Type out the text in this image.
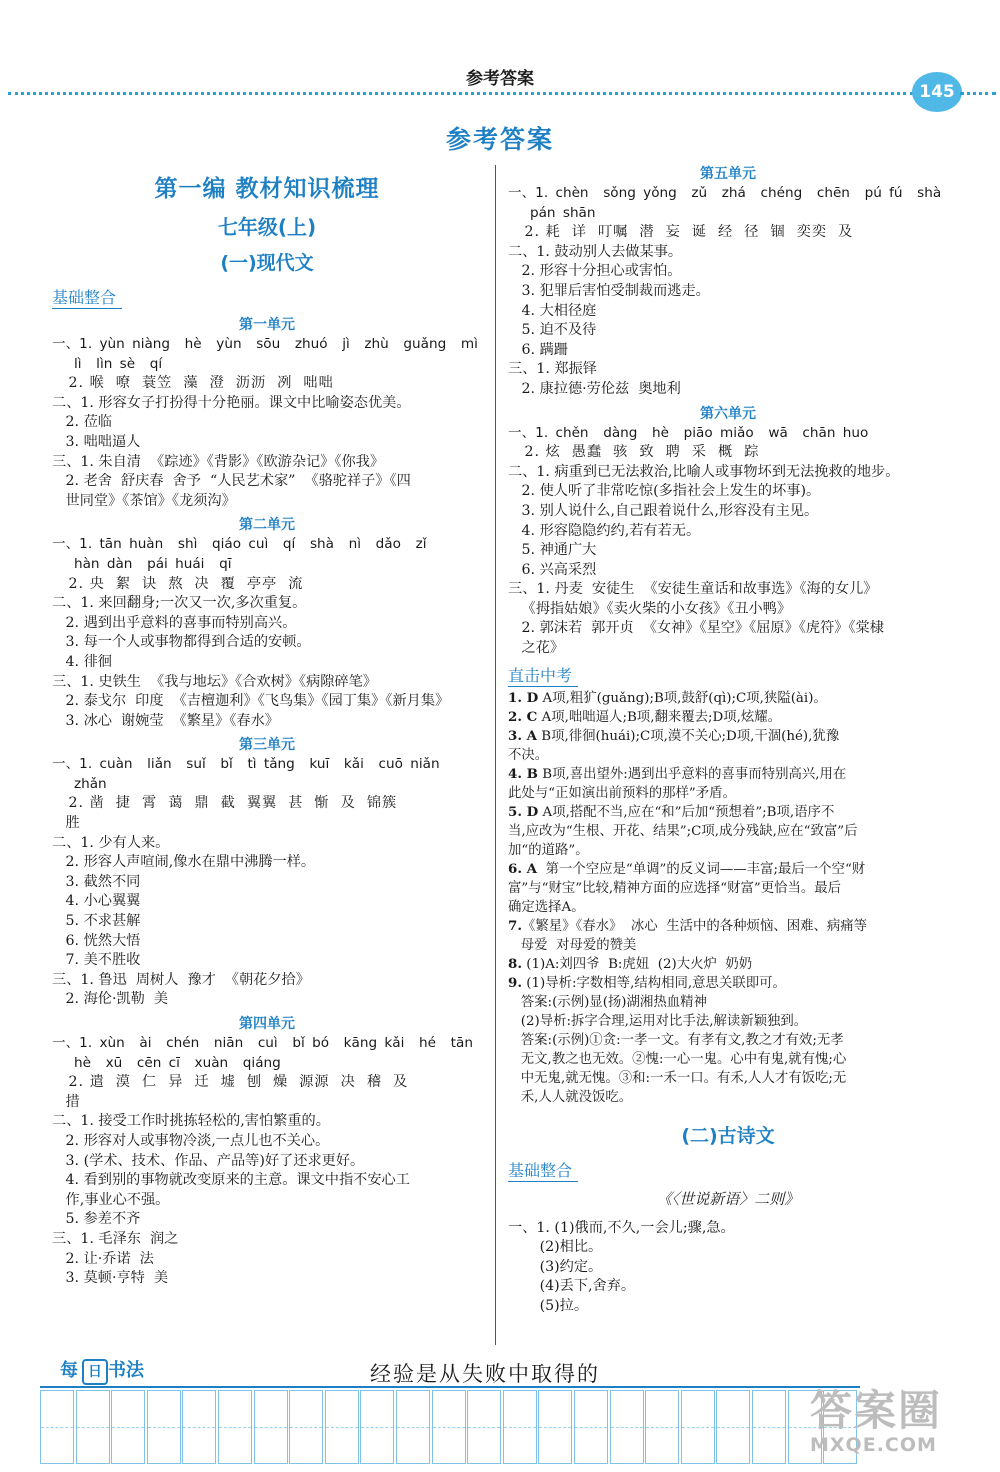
参考答案
145
参考答案
第一编 教材知识梳理
七年级(上)
(一)现代文
基础整合
第一单元
一、1. yùn niàng  hè  yùn  sōu  zhuó  jì  zhù  guǎng  mì
lì  lìn sè  qí
2. 喉  嘹  蓑笠  藻  澄  沥沥  冽  咄咄
二、1. 形容女子打扮得十分艳丽。课文中比喻姿态优美。
2. 莅临
3. 咄咄逼人
三、1. 朱自清  《踪迹》《背影》《欧游杂记》《你我》
2. 老舍  舒庆春  舍予  “人民艺术家”  《骆驼祥子》《四
世同堂》《茶馆》《龙须沟》
第二单元
一、1. tān huàn  shì  qiáo cuì  qí  shà  nì  dǎo  zǐ
hàn dàn  pái huái  qī
2. 央  絮  诀  熬  决  覆  亭亭  流
二、1. 来回翻身;一次又一次,多次重复。
2. 遇到出乎意料的喜事而特别高兴。
3. 每一个人或事物都得到合适的安顿。
4. 徘徊
三、1. 史铁生  《我与地坛》《合欢树》《病隙碎笔》
2. 泰戈尔  印度  《吉檀迦利》《飞鸟集》《园丁集》《新月集》
3. 冰心  谢婉莹  《繁星》《春水》
第三单元
一、1. cuàn  liǎn  suǐ  bǐ  tì tǎng  kuī  kǎi  cuō niǎn
zhǎn
2. 凿  捷  霄  蔼  鼎  截  翼翼  甚  惭  及  锦簇
胜
二、1. 少有人来。
2. 形容人声喧闹,像水在鼎中沸腾一样。
3. 截然不同
4. 小心翼翼
5. 不求甚解
6. 恍然大悟
7. 美不胜收
三、1. 鲁迅  周树人  豫才  《朝花夕拾》
2. 海伦·凯勒  美
第四单元
一、1. xùn  ài  chén  niān  cuì  bǐ bó  kāng kǎi  hé  tān
hè  xū  cēn cī  xuàn  qiáng
2. 遣  漠  仁  异  迁  墟  刨  燥  源源  决  稽  及
措
二、1. 接受工作时挑拣轻松的,害怕繁重的。
2. 形容对人或事物冷淡,一点儿也不关心。
3. (学术、技术、作品、产品等)好了还求更好。
4. 看到别的事物就改变原来的主意。课文中指不安心工
作,事业心不强。
5. 参差不齐
三、1. 毛泽东  润之
2. 让·乔诺  法
3. 莫顿·亨特  美
第五单元
一、1. chèn  sǒng yǒng  zǔ  zhá  chéng  chēn  pú fú  shà
pán shān
2. 耗  详  叮嘱  潜  妄  诞  经  径  锢  奕奕  及
二、1. 鼓动别人去做某事。
2. 形容十分担心或害怕。
3. 犯罪后害怕受制裁而逃走。
4. 大相径庭
5. 迫不及待
6. 蹒跚
三、1. 郑振铎
2. 康拉德·劳伦兹  奥地利
第六单元
一、1. chěn  dàng  hè  piāo miǎo  wā  chān huo
2. 炫  愚蠢  骇  致  聘  采  概  踪
二、1. 病重到已无法救治,比喻人或事物坏到无法挽救的地步。
2. 使人听了非常吃惊(多指社会上发生的坏事)。
3. 别人说什么,自己跟着说什么,形容没有主见。
4. 形容隐隐约约,若有若无。
5. 神通广大
6. 兴高采烈
三、1. 丹麦  安徒生  《安徒生童话和故事选》《海的女儿》
《拇指姑娘》《卖火柴的小女孩》《丑小鸭》
2. 郭沫若  郭开贞  《女神》《星空》《屈原》《虎符》《棠棣
之花》
直击中考
1. D A项,粗犷(guǎng);B项,鼓舒(qì);C项,狭隘(ài)。
2. C A项,咄咄逼人;B项,翻来覆去;D项,炫耀。
3. A B项,徘徊(huái);C项,漠不关心;D项,干涸(hé),犹豫
不决。
4. B B项,喜出望外:遇到出乎意料的喜事而特别高兴,用在
此处与“正如演出前预料的那样”矛盾。
5. D A项,搭配不当,应在“和”后加“预想着”;B项,语序不
当,应改为“生根、开花、结果”;C项,成分残缺,应在“致富”后
加“的道路”。
6. A  第一个空应是“单调”的反义词——丰富;最后一个空“财
富”与“财宝”比较,精神方面的应选择“财富”更恰当。最后
确定选择A。
7.《繁星》《春水》  冰心  生活中的各种烦恼、困难、病痛等
母爱  对母爱的赞美
8. (1)A:刘四爷  B:虎妞  (2)大火炉  奶奶
9. (1)导析:字数相等,结构相同,意思关联即可。
答案:(示例)显(扬)湖湘热血精神
(2)导析:拆字合理,运用对比手法,解读新颖独到。
答案:(示例)①贪:一孝一文。有孝有文,教之才有效;无孝
无文,教之也无效。②愧:一心一鬼。心中有鬼,就有愧;心
中无鬼,就无愧。③和:一禾一口。有禾,人人才有饭吃;无
禾,人人就没饭吃。
(二)古诗文
基础整合
《〈世说新语〉二则》
一、1. (1)俄而,不久,一会儿;骤,急。
(2)相比。
(3)约定。
(4)丢下,舍弃。
(5)拉。
每 日 书法	经验是从失败中取得的
答案圈
MXQE.COM
